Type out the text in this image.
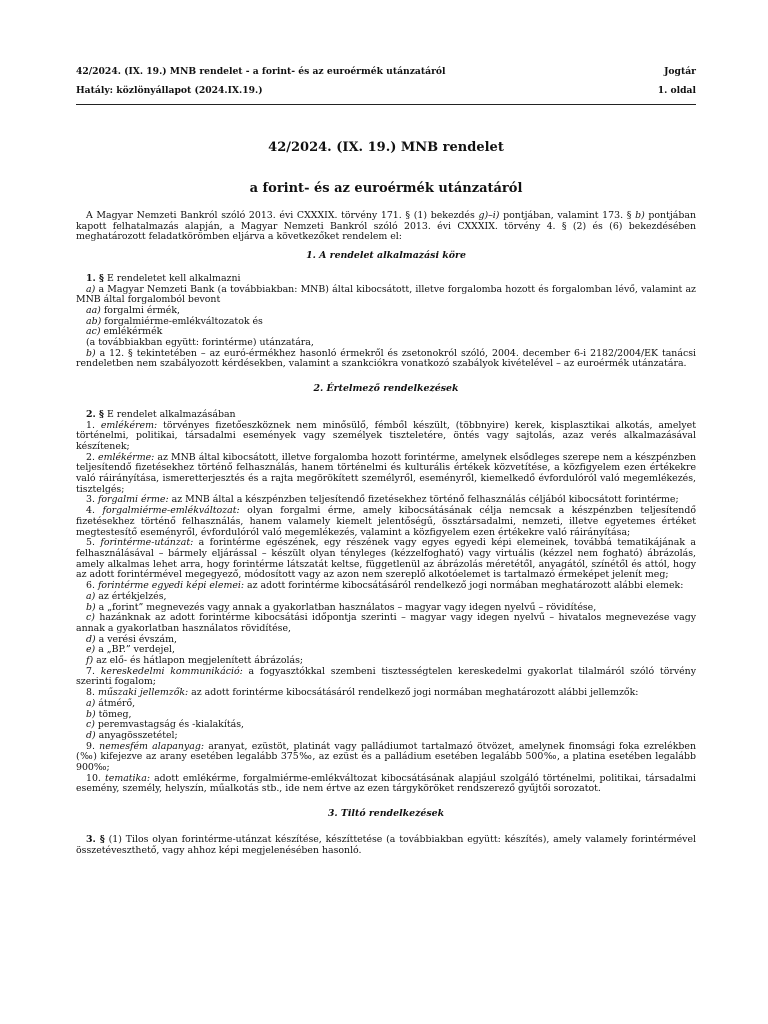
42/2024. (IX. 19.) MNB rendelet - a forint- és az euroérmék utánzatáról	Jogtár
Hatály: közlönyállapot (2024.IX.19.)	1. oldal
42/2024. (IX. 19.) MNB rendelet
a forint- és az euroérmék utánzatáról

A Magyar Nemzeti Bankról szóló 2013. évi CXXXIX. törvény 171. § (1) bekezdés g)–i) pontjában, valamint 173. § b) pontjában kapott felhatalmazás alapján, a Magyar Nemzeti Bankról szóló 2013. évi CXXXIX. törvény 4. § (2) és (6) bekezdésében meghatározott feladatkörömben eljárva a következőket rendelem el:

1. A rendelet alkalmazási köre

1. § E rendeletet kell alkalmazni

a) a Magyar Nemzeti Bank (a továbbiakban: MNB) által kibocsátott, illetve forgalomba hozott és forgalomban lévő, valamint az MNB által forgalomból bevont

aa) forgalmi érmék,

ab) forgalmiérme-emlékváltozatok és

ac) emlékérmék

(a továbbiakban együtt: forintérme) utánzatára,

b) a 12. § tekintetében – az euró-érmékhez hasonló érmekről és zsetonokról szóló, 2004. december 6-i 2182/2004/EK tanácsi rendeletben nem szabályozott kérdésekben, valamint a szankciókra vonatkozó szabályok kivételével – az euroérmék utánzatára.

2. Értelmező rendelkezések

2. § E rendelet alkalmazásában

1. emlékérem: törvényes fizetőeszköznek nem minősülő, fémből készült, (többnyire) kerek, kisplasztikai alkotás, amelyet történelmi, politikai, társadalmi események vagy személyek tiszteletére, öntés vagy sajtolás, azaz verés alkalmazásával készítenek;

2. emlékérme: az MNB által kibocsátott, illetve forgalomba hozott forintérme, amelynek elsődleges szerepe nem a készpénzben teljesítendő fizetésekhez történő felhasználás, hanem történelmi és kulturális értékek közvetítése, a közfigyelem ezen értékekre való ráirányítása, ismeretterjesztés és a rajta megörökített személyről, eseményről, kiemelkedő évfordulóról való megemlékezés, tisztelgés;

3. forgalmi érme: az MNB által a készpénzben teljesítendő fizetésekhez történő felhasználás céljából kibocsátott forintérme;

4. forgalmiérme-emlékváltozat: olyan forgalmi érme, amely kibocsátásának célja nemcsak a készpénzben teljesítendő fizetésekhez történő felhasználás, hanem valamely kiemelt jelentőségű, össztársadalmi, nemzeti, illetve egyetemes értéket megtestesítő eseményről, évfordulóról való megemlékezés, valamint a közfigyelem ezen értékekre való ráirányítása;

5. forintérme-utánzat: a forintérme egészének, egy részének vagy egyes egyedi képi elemeinek, továbbá tematikájának a felhasználásával – bármely eljárással – készült olyan tényleges (kézzelfogható) vagy virtuális (kézzel nem fogható) ábrázolás, amely alkalmas lehet arra, hogy forintérme látszatát keltse, függetlenül az ábrázolás méretétől, anyagától, színétől és attól, hogy az adott forintérmével megegyező, módosított vagy az azon nem szereplő alkotóelemet is tartalmazó érmeképet jelenít meg;

6. forintérme egyedi képi elemei: az adott forintérme kibocsátásáról rendelkező jogi normában meghatározott alábbi elemek:

a) az értékjelzés,

b) a „forint” megnevezés vagy annak a gyakorlatban használatos – magyar vagy idegen nyelvű – rövidítése,

c) hazánknak az adott forintérme kibocsátási időpontja szerinti – magyar vagy idegen nyelvű – hivatalos megnevezése vagy annak a gyakorlatban használatos rövidítése,

d) a verési évszám,

e) a „BP.” verdejel,

f) az elő- és hátlapon megjelenített ábrázolás;

7. kereskedelmi kommunikáció: a fogyasztókkal szembeni tisztességtelen kereskedelmi gyakorlat tilalmáról szóló törvény szerinti fogalom;

8. műszaki jellemzők: az adott forintérme kibocsátásáról rendelkező jogi normában meghatározott alábbi jellemzők:

a) átmérő,

b) tömeg,

c) peremvastagság és -kialakítás,

d) anyagösszetétel;

9. nemesfém alapanyag: aranyat, ezüstöt, platinát vagy palládiumot tartalmazó ötvözet, amelynek finomsági foka ezrelékben (‰) kifejezve az arany esetében legalább 375‰, az ezüst és a palládium esetében legalább 500‰, a platina esetében legalább 900‰;

10. tematika: adott emlékérme, forgalmiérme-emlékváltozat kibocsátásának alapjául szolgáló történelmi, politikai, társadalmi esemény, személy, helyszín, műalkotás stb., ide nem értve az ezen tárgyköröket rendszerező gyűjtői sorozatot.

3. Tiltó rendelkezések

3. § (1) Tilos olyan forintérme-utánzat készítése, készíttetése (a továbbiakban együtt: készítés), amely valamely forintérmével összetéveszthető, vagy ahhoz képi megjelenésében hasonló.
